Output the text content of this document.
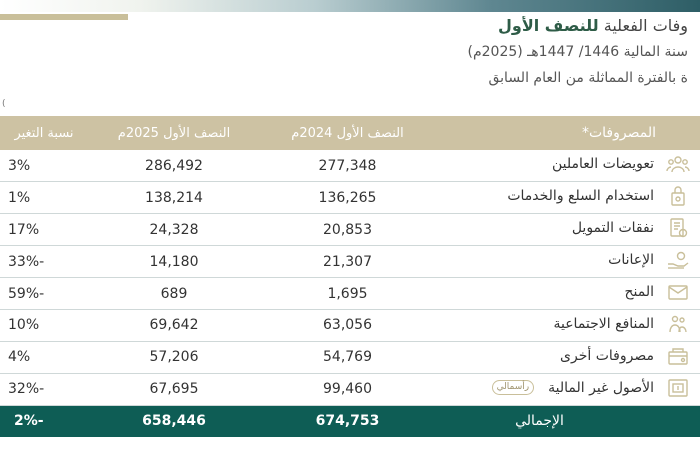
وفات الفعلية للنصف الأول
سنة المالية 1446/ 1447هـ (2025م)
ة بالفترة المماثلة من العام السابق
(
نسبة التغير	النصف الأول 2025م	النصف الأول 2024م	المصروفات*
3%	286,492	277,348	تعويضات العاملين

1%	138,214	136,265	استخدام السلع والخدمات

17%	24,328	20,853	نفقات التمويل

-33%	14,180	21,307	الإعانات

-59%	689	1,695	المنح

10%	69,642	63,056	المنافع الاجتماعية

4%	57,206	54,769	مصروفات أخرى

-32%	67,695	99,460	الأصول غير المالية
رأسمالي

-2%	658,446	674,753	الإجمالي
